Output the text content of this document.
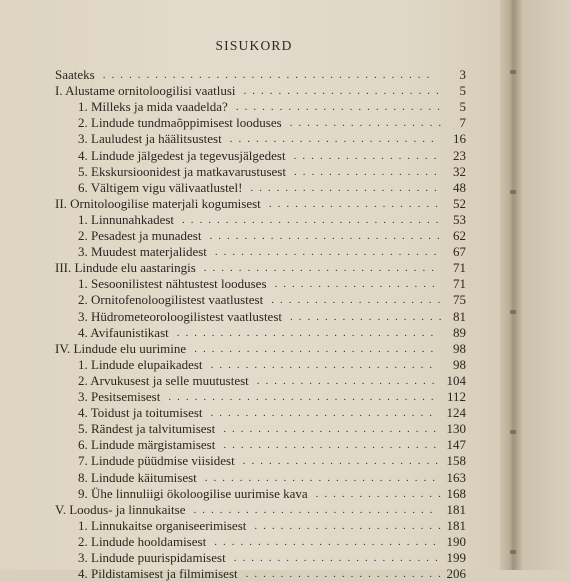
SISUKORD
Saateks ......................................	3
I. Alustame ornitoloogilisi vaatlusi .......................	5
1. Milleks ja mida vaadelda? ........................	5
2. Lindude tundmaõppimisest looduses .................. 7
3. Lauludest ja häälitsustest ........................	16
4. Lindude jälgedest ja tegevusjälgedest ................. 23
5. Ekskursioonidest ja matkavarustusest ................. 32
6. Vältigem vigu välivaatlustel! ...................... 48
II. Ornitoloogilise materjali kogumisest .................... 52
1. Linnunahkadest .............................. 53
2. Pesadest ja munadest ........................... 62
3. Muudest materjalidest .......................... 67
III. Lindude elu aastaringis ........................... 71
1. Sesoonilistest nähtustest looduses ................... 71
2. Ornitofenoloogilistest vaatlustest .................... 75
3. Hüdrometeoroloogilistest vaatlustest .................. 81
4. Avifaunistikast ..............................	89
IV. Lindude elu uurimine ............................	98
1. Lindude elupaikadest ..........................	98
2. Arvukusest ja selle muutustest ..................... 104
3. Pesitsemisest ............................... 112
4. Toidust ja toitumisest .......................... 124
5. Rändest ja talvitumisest ......................... 130
6. Lindude märgistamisest ......................... 147
7. Lindude püüdmise viisidest ....................... 158
8. Lindude käitumisest ........................... 163
9. Ühe linnuliigi ökoloogilise uurimise kava ............... 168
V. Loodus- ja linnukaitse ............................ 181
1. Linnukaitse organiseerimisest ...................... 181
2. Lindude hooldamisest .......................... 190
3. Lindude puurispidamisest ........................ 199
4. Pildistamisest ja filmimisest ....................... 206
